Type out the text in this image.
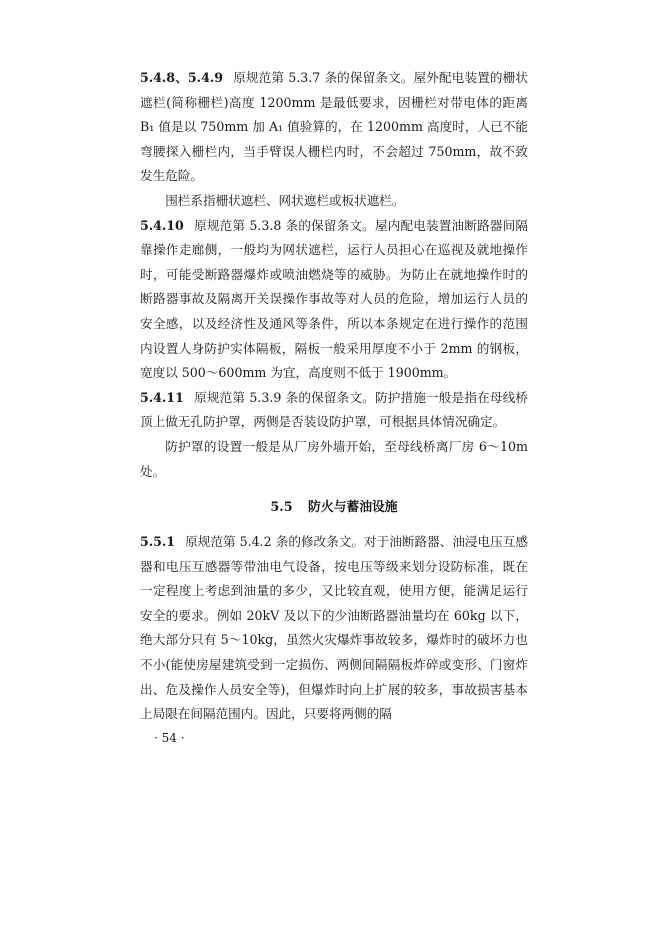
5.4.8、5.4.9 原规范第 5.3.7 条的保留条文。屋外配电装置的栅状遮栏(简称栅栏)高度 1200mm 是最低要求，因栅栏对带电体的距离 B₁ 值是以 750mm 加 A₁ 值验算的，在 1200mm 高度时，人已不能弯腰探入栅栏内，当手臂误人栅栏内时，不会超过 750mm，故不致发生危险。

围栏系指栅状遮栏、网状遮栏或板状遮栏。

5.4.10 原规范第 5.3.8 条的保留条文。屋内配电装置油断路器间隔靠操作走廊侧，一般均为网状遮栏，运行人员担心在巡视及就地操作时，可能受断路器爆炸或喷油燃烧等的威胁。为防止在就地操作时的断路器事故及隔离开关误操作事故等对人员的危险，增加运行人员的安全感，以及经济性及通风等条件，所以本条规定在进行操作的范围内设置人身防护实体隔板，隔板一般采用厚度不小于 2mm 的钢板，宽度以 500～600mm 为宜，高度则不低于 1900mm。

5.4.11 原规范第 5.3.9 条的保留条文。防护措施一般是指在母线桥顶上做无孔防护罩，两侧是否装设防护罩，可根据具体情况确定。

防护罩的设置一般是从厂房外墙开始，至母线桥离厂房 6～10m 处。

5.5 防火与蓄油设施

5.5.1 原规范第 5.4.2 条的修改条文。对于油断路器、油浸电压互感器和电压互感器等带油电气设备，按电压等级来划分设防标准，既在一定程度上考虑到油量的多少，又比较直观，使用方便，能满足运行安全的要求。例如 20kV 及以下的少油断路器油量均在 60kg 以下，绝大部分只有 5～10kg，虽然火灾爆炸事故较多，爆炸时的破坏力也不小(能使房屋建筑受到一定损伤、两侧间隔隔板炸碎或变形、门窗炸出、危及操作人员安全等)，但爆炸时向上扩展的较多，事故损害基本上局限在间隔范围内。因此，只要将两侧的隔

· 54 ·
